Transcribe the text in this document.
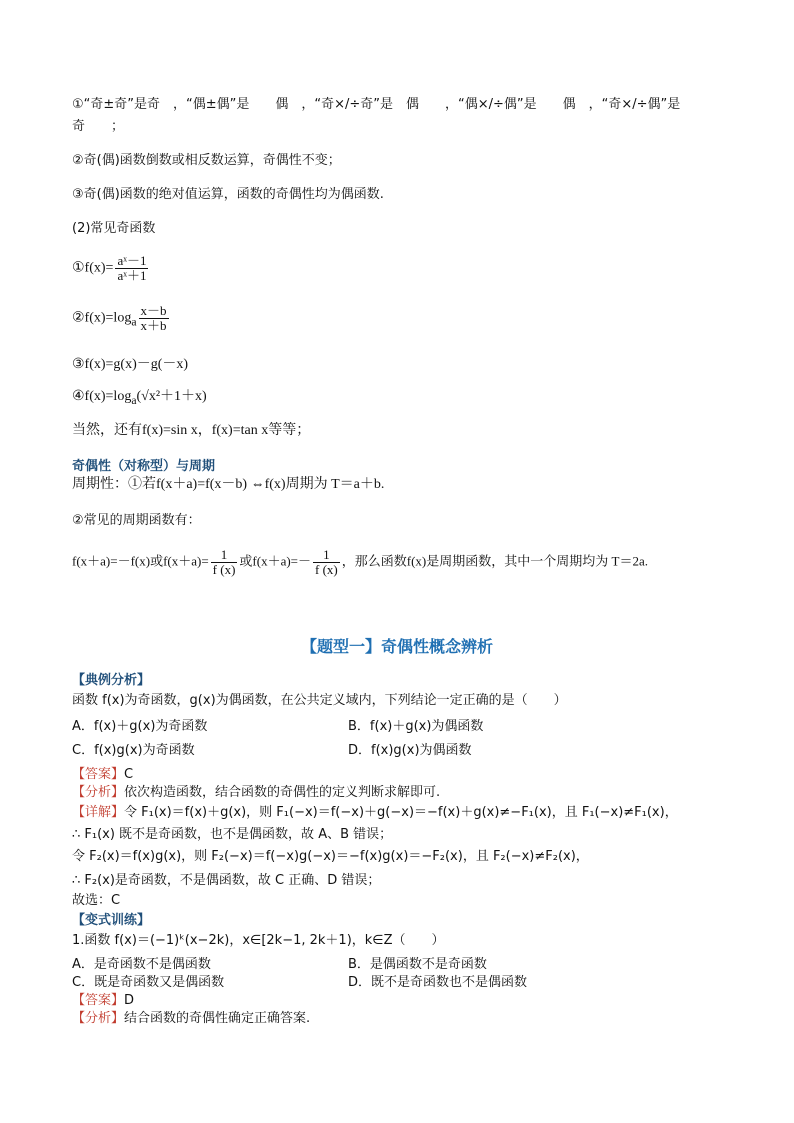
①“奇±奇”是奇　，“偶±偶”是　　偶　，“奇×/÷奇”是　偶　　，“偶×/÷偶”是　　偶　，“奇×/÷偶”是
奇　　；
②奇(偶)函数倒数或相反数运算，奇偶性不变；
③奇(偶)函数的绝对值运算，函数的奇偶性均为偶函数.
(2)常见奇函数
①f(x)= $\frac{\text{aˣ－1}}{\text{aˣ＋1}}$
$②f(x)=\log_a \frac{x-b}{x+b}$
③f(x)=g(x)－g(－x)
$④f(x)=\log_a(√x^2+1+x)$
当然，还有f(x)=sin x，f(x)=tan x等等；
奇偶性（对称型）与周期
周期性：①若f(x＋a)=f(x－b) ⇔f(x)周期为 T＝a＋b.
②常见的周期函数有：
f(x＋a)=－f(x)或$f(x+a)= \frac{1}{f (x)}$ 或$f(x+a)=- \frac{1}{f (x)}$ ，那么函数f(x)是周期函数，其中一个周期均为 T＝2a.
【题型一】奇偶性概念辨析
【典例分析】
函数 f(x)为奇函数，g(x)为偶函数，在公共定义域内，下列结论一定正确的是（　　）
A．f(x)＋g(x)为奇函数	B．f(x)＋g(x)为偶函数
C．f(x)g(x)为奇函数	D．f(x)g(x)为偶函数
【答案】C
【分析】依次构造函数，结合函数的奇偶性的定义判断求解即可.
【详解】令 F₁(x)＝f(x)＋g(x)，则 F₁(−x)＝f(−x)＋g(−x)＝−f(x)＋g(x)≠−F₁(x)，且 F₁(−x)≠F₁(x)，
∴ F₁(x) 既不是奇函数，也不是偶函数，故 A、B 错误；
令 F₂(x)＝f(x)g(x)，则 F₂(−x)＝f(−x)g(−x)＝−f(x)g(x)＝−F₂(x)，且 F₂(−x)≠F₂(x)，
∴ F₂(x)是奇函数，不是偶函数，故 C 正确、D 错误；
故选：C
【变式训练】
1.函数 f(x)＝(−1)ᵏ(x−2k)，x∈[2k−1, 2k＋1)，k∈Z（　　）
A．是奇函数不是偶函数	B．是偶函数不是奇函数
C．既是奇函数又是偶函数	D．既不是奇函数也不是偶函数
【答案】D
【分析】结合函数的奇偶性确定正确答案.
